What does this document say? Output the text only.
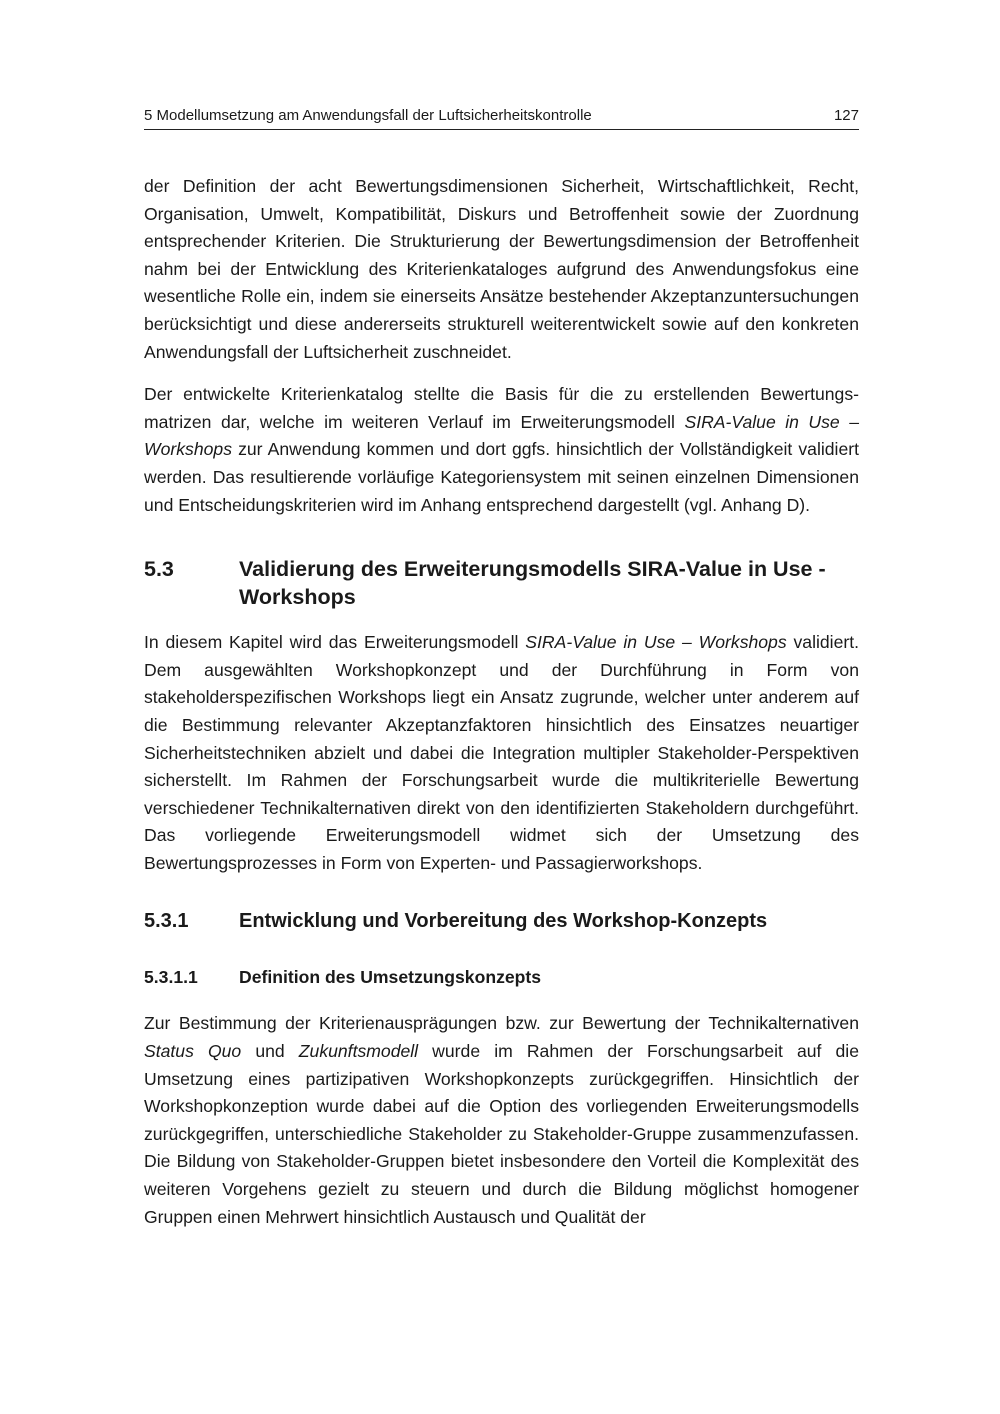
5 Modellumsetzung am Anwendungsfall der Luftsicherheitskontrolle	127

der Definition der acht Bewertungsdimensionen Sicherheit, Wirtschaftlichkeit, Recht, Organisation, Umwelt, Kompatibilität, Diskurs und Betroffenheit sowie der Zuordnung entsprechender Kriterien. Die Strukturierung der Bewertungsdimension der Betroffenheit nahm bei der Entwicklung des Kriterienkataloges aufgrund des Anwendungsfokus eine wesentliche Rolle ein, indem sie einerseits Ansätze bestehender Akzeptanzuntersuchungen berücksichtigt und diese andererseits strukturell weiterentwickelt sowie auf den konkreten Anwendungsfall der Luftsicherheit zuschneidet.

Der entwickelte Kriterienkatalog stellte die Basis für die zu erstellenden Bewertungsmatrizen dar, welche im weiteren Verlauf im Erweiterungsmodell SIRA-Value in Use – Workshops zur Anwendung kommen und dort ggfs. hinsichtlich der Vollständigkeit validiert werden. Das resultierende vorläufige Kategoriensystem mit seinen einzelnen Dimensionen und Entscheidungskriterien wird im Anhang entsprechend dargestellt (vgl. Anhang D).

5.3	Validierung des Erweiterungsmodells SIRA-Value in Use - Workshops

In diesem Kapitel wird das Erweiterungsmodell SIRA-Value in Use – Workshops validiert. Dem ausgewählten Workshopkonzept und der Durchführung in Form von stakeholderspezifischen Workshops liegt ein Ansatz zugrunde, welcher unter anderem auf die Bestimmung relevanter Akzeptanzfaktoren hinsichtlich des Einsatzes neuartiger Sicherheitstechniken abzielt und dabei die Integration multipler Stakeholder-Perspektiven sicherstellt. Im Rahmen der Forschungsarbeit wurde die multikriterielle Bewertung verschiedener Technikalternativen direkt von den identifizierten Stakeholdern durchgeführt. Das vorliegende Erweiterungsmodell widmet sich der Umsetzung des Bewertungsprozesses in Form von Experten- und Passagierworkshops.

5.3.1	Entwicklung und Vorbereitung des Workshop-Konzepts
5.3.1.1	Definition des Umsetzungskonzepts

Zur Bestimmung der Kriterienausprägungen bzw. zur Bewertung der Technikalternativen Status Quo und Zukunftsmodell wurde im Rahmen der Forschungsarbeit auf die Umsetzung eines partizipativen Workshopkonzepts zurückgegriffen. Hinsichtlich der Workshopkonzeption wurde dabei auf die Option des vorliegenden Erweiterungsmodells zurückgegriffen, unterschiedliche Stakeholder zu Stakeholder-Gruppe zusammenzufassen. Die Bildung von Stakeholder-Gruppen bietet insbesondere den Vorteil die Komplexität des weiteren Vorgehens gezielt zu steuern und durch die Bildung möglichst homogener Gruppen einen Mehrwert hinsichtlich Austausch und Qualität der
